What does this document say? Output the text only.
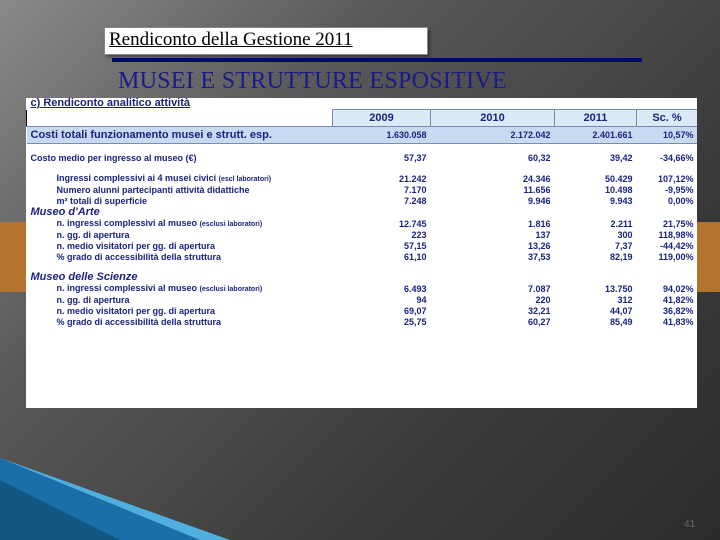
Rendiconto della Gestione 2011
MUSEI E STRUTTURE ESPOSITIVE
c) Rendiconto analitico attività				
	2009	2010	2011	Sc. %
Costi totali funzionamento musei e strutt. esp.	1.630.058	2.172.042	2.401.661	10,57%

Costo medio per ingresso al museo (€)	57,37	60,32	39,42	-34,66%

Ingressi complessivi ai 4 musei civici (escl laboratori)	21.242	24.346	50.429	107,12%
Numero alunni partecipanti attività didattiche	7.170	11.656	10.498	-9,95%
m² totali di superficie	7.248	9.946	9.943	0,00%
Museo d'Arte				
n. ingressi complessivi al museo (esclusi laboratori)	12.745	1.816	2.211	21,75%
n. gg. di apertura	223	137	300	118,98%
n. medio visitatori per gg. di apertura	57,15	13,26	7,37	-44,42%
% grado di accessibilità della struttura	61,10	37,53	82,19	119,00%

Museo delle Scienze				
n. ingressi complessivi al museo (esclusi laboratori)	6.493	7.087	13.750	94,02%
n. gg. di apertura	94	220	312	41,82%
n. medio visitatori per gg. di apertura	69,07	32,21	44,07	36,82%
% grado di accessibilità della struttura	25,75	60,27	85,49	41,83%
41
